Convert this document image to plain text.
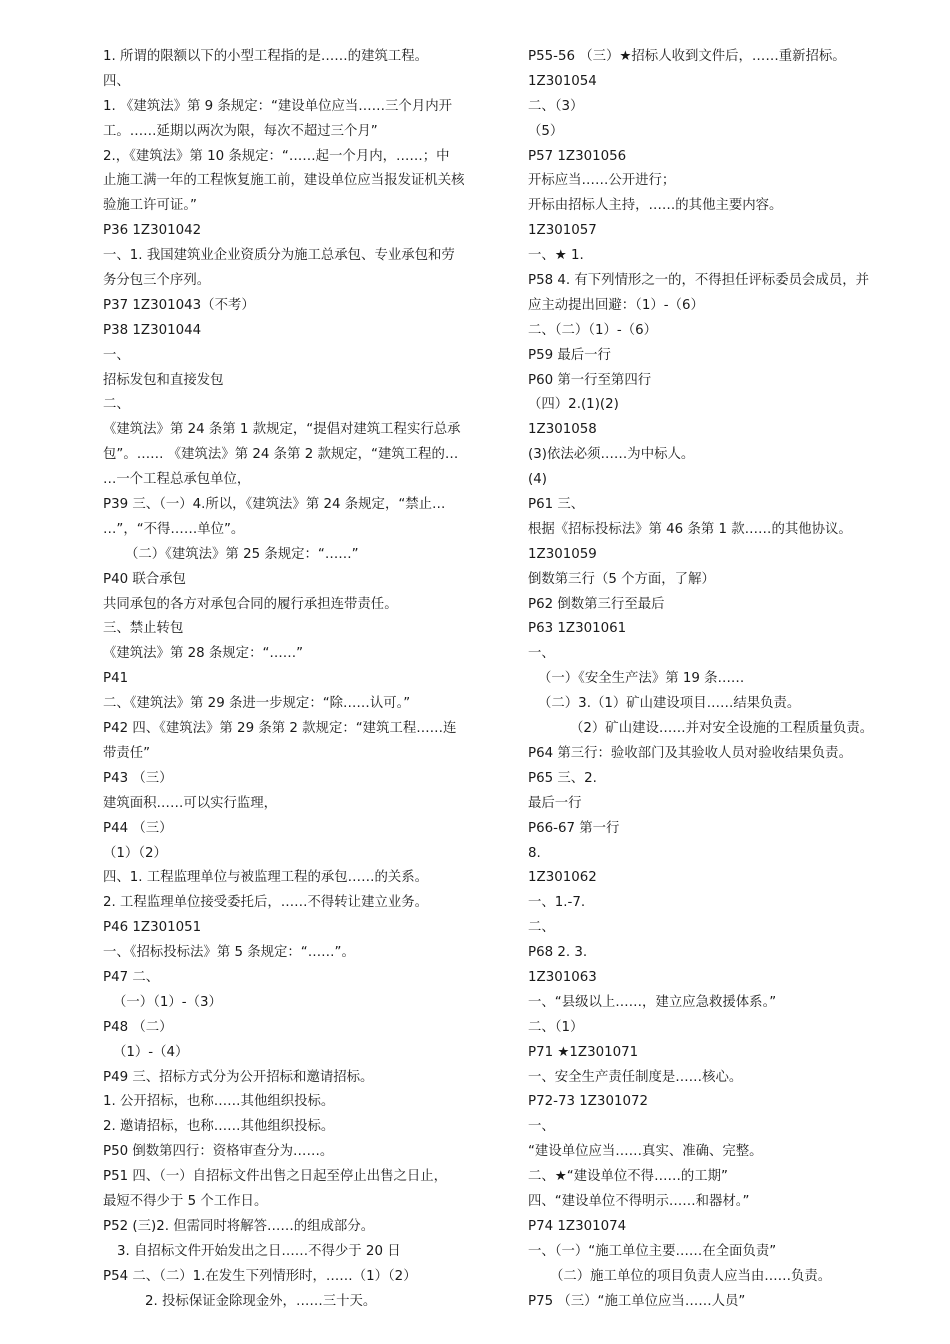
1. 所谓的限额以下的小型工程指的是……的建筑工程。
四、
1. 《建筑法》第 9 条规定：“建设单位应当……三个月内开
工。……延期以两次为限，每次不超过三个月”
2.，《建筑法》第 10 条规定：“……起一个月内，……；中
止施工满一年的工程恢复施工前，建设单位应当报发证机关核
验施工许可证。”
P36 1Z301042
一、1. 我国建筑业企业资质分为施工总承包、专业承包和劳
务分包三个序列。
P37 1Z301043（不考）
P38 1Z301044
一、
招标发包和直接发包
二、
《建筑法》第 24 条第 1 款规定，“提倡对建筑工程实行总承
包”。…… 《建筑法》第 24 条第 2 款规定，“建筑工程的…
…一个工程总承包单位，
P39 三、（一）4.所以，《建筑法》第 24 条规定，“禁止…
…”，“不得……单位”。
（二）《建筑法》第 25 条规定：“……”
P40 联合承包
共同承包的各方对承包合同的履行承担连带责任。
三、禁止转包
《建筑法》第 28 条规定：“……”
P41
二、《建筑法》第 29 条进一步规定：“除……认可。”
P42 四、《建筑法》第 29 条第 2 款规定：“建筑工程……连
带责任”
P43 （三）
建筑面积……可以实行监理，
P44 （三）
（1）（2）
四、1. 工程监理单位与被监理工程的承包……的关系。
2. 工程监理单位接受委托后，……不得转让建立业务。
P46 1Z301051
一、《招标投标法》第 5 条规定：“……”。
P47 二、
（一）（1）-（3）
P48 （二）
（1）-（4）
P49 三、招标方式分为公开招标和邀请招标。
1. 公开招标，也称……其他组织投标。
2. 邀请招标，也称……其他组织投标。
P50 倒数第四行：资格审查分为……。
P51 四、（一）自招标文件出售之日起至停止出售之日止，
最短不得少于 5 个工作日。
P52 (三)2. 但需同时将解答……的组成部分。
3. 自招标文件开始发出之日……不得少于 20 日
P54 二、（二）1.在发生下列情形时，……（1）（2）
2. 投标保证金除现金外，……三十天。
P55-56 （三）★招标人收到文件后，……重新招标。
1Z301054
二、（3）
（5）
P57 1Z301056
开标应当……公开进行；
开标由招标人主持，……的其他主要内容。
1Z301057
一、★ 1.
P58 4. 有下列情形之一的，不得担任评标委员会成员，并
应主动提出回避：（1）-（6）
二、（二）（1）-（6）
P59 最后一行
P60 第一行至第四行
（四）2.(1)(2)
1Z301058
(3)依法必须……为中标人。
(4)
P61 三、
根据《招标投标法》第 46 条第 1 款……的其他协议。
1Z301059
倒数第三行（5 个方面，了解）
P62 倒数第三行至最后
P63 1Z301061
一、
（一）《安全生产法》第 19 条……
（二）3.（1）矿山建设项目……结果负责。
（2）矿山建设……并对安全设施的工程质量负责。
P64 第三行：验收部门及其验收人员对验收结果负责。
P65 三、2.
最后一行
P66-67 第一行
8.
1Z301062
一、1.-7.
二、
P68 2. 3.
1Z301063
一、“县级以上……，建立应急救援体系。”
二、（1）
P71 ★1Z301071
一、安全生产责任制度是……核心。
P72-73 1Z301072
一、
“建设单位应当……真实、准确、完整。
二、★“建设单位不得……的工期”
四、“建设单位不得明示……和器材。”
P74 1Z301074
一、（一）“施工单位主要……在全面负责”
（二）施工单位的项目负责人应当由……负责。
P75 （三）“施工单位应当……人员”
